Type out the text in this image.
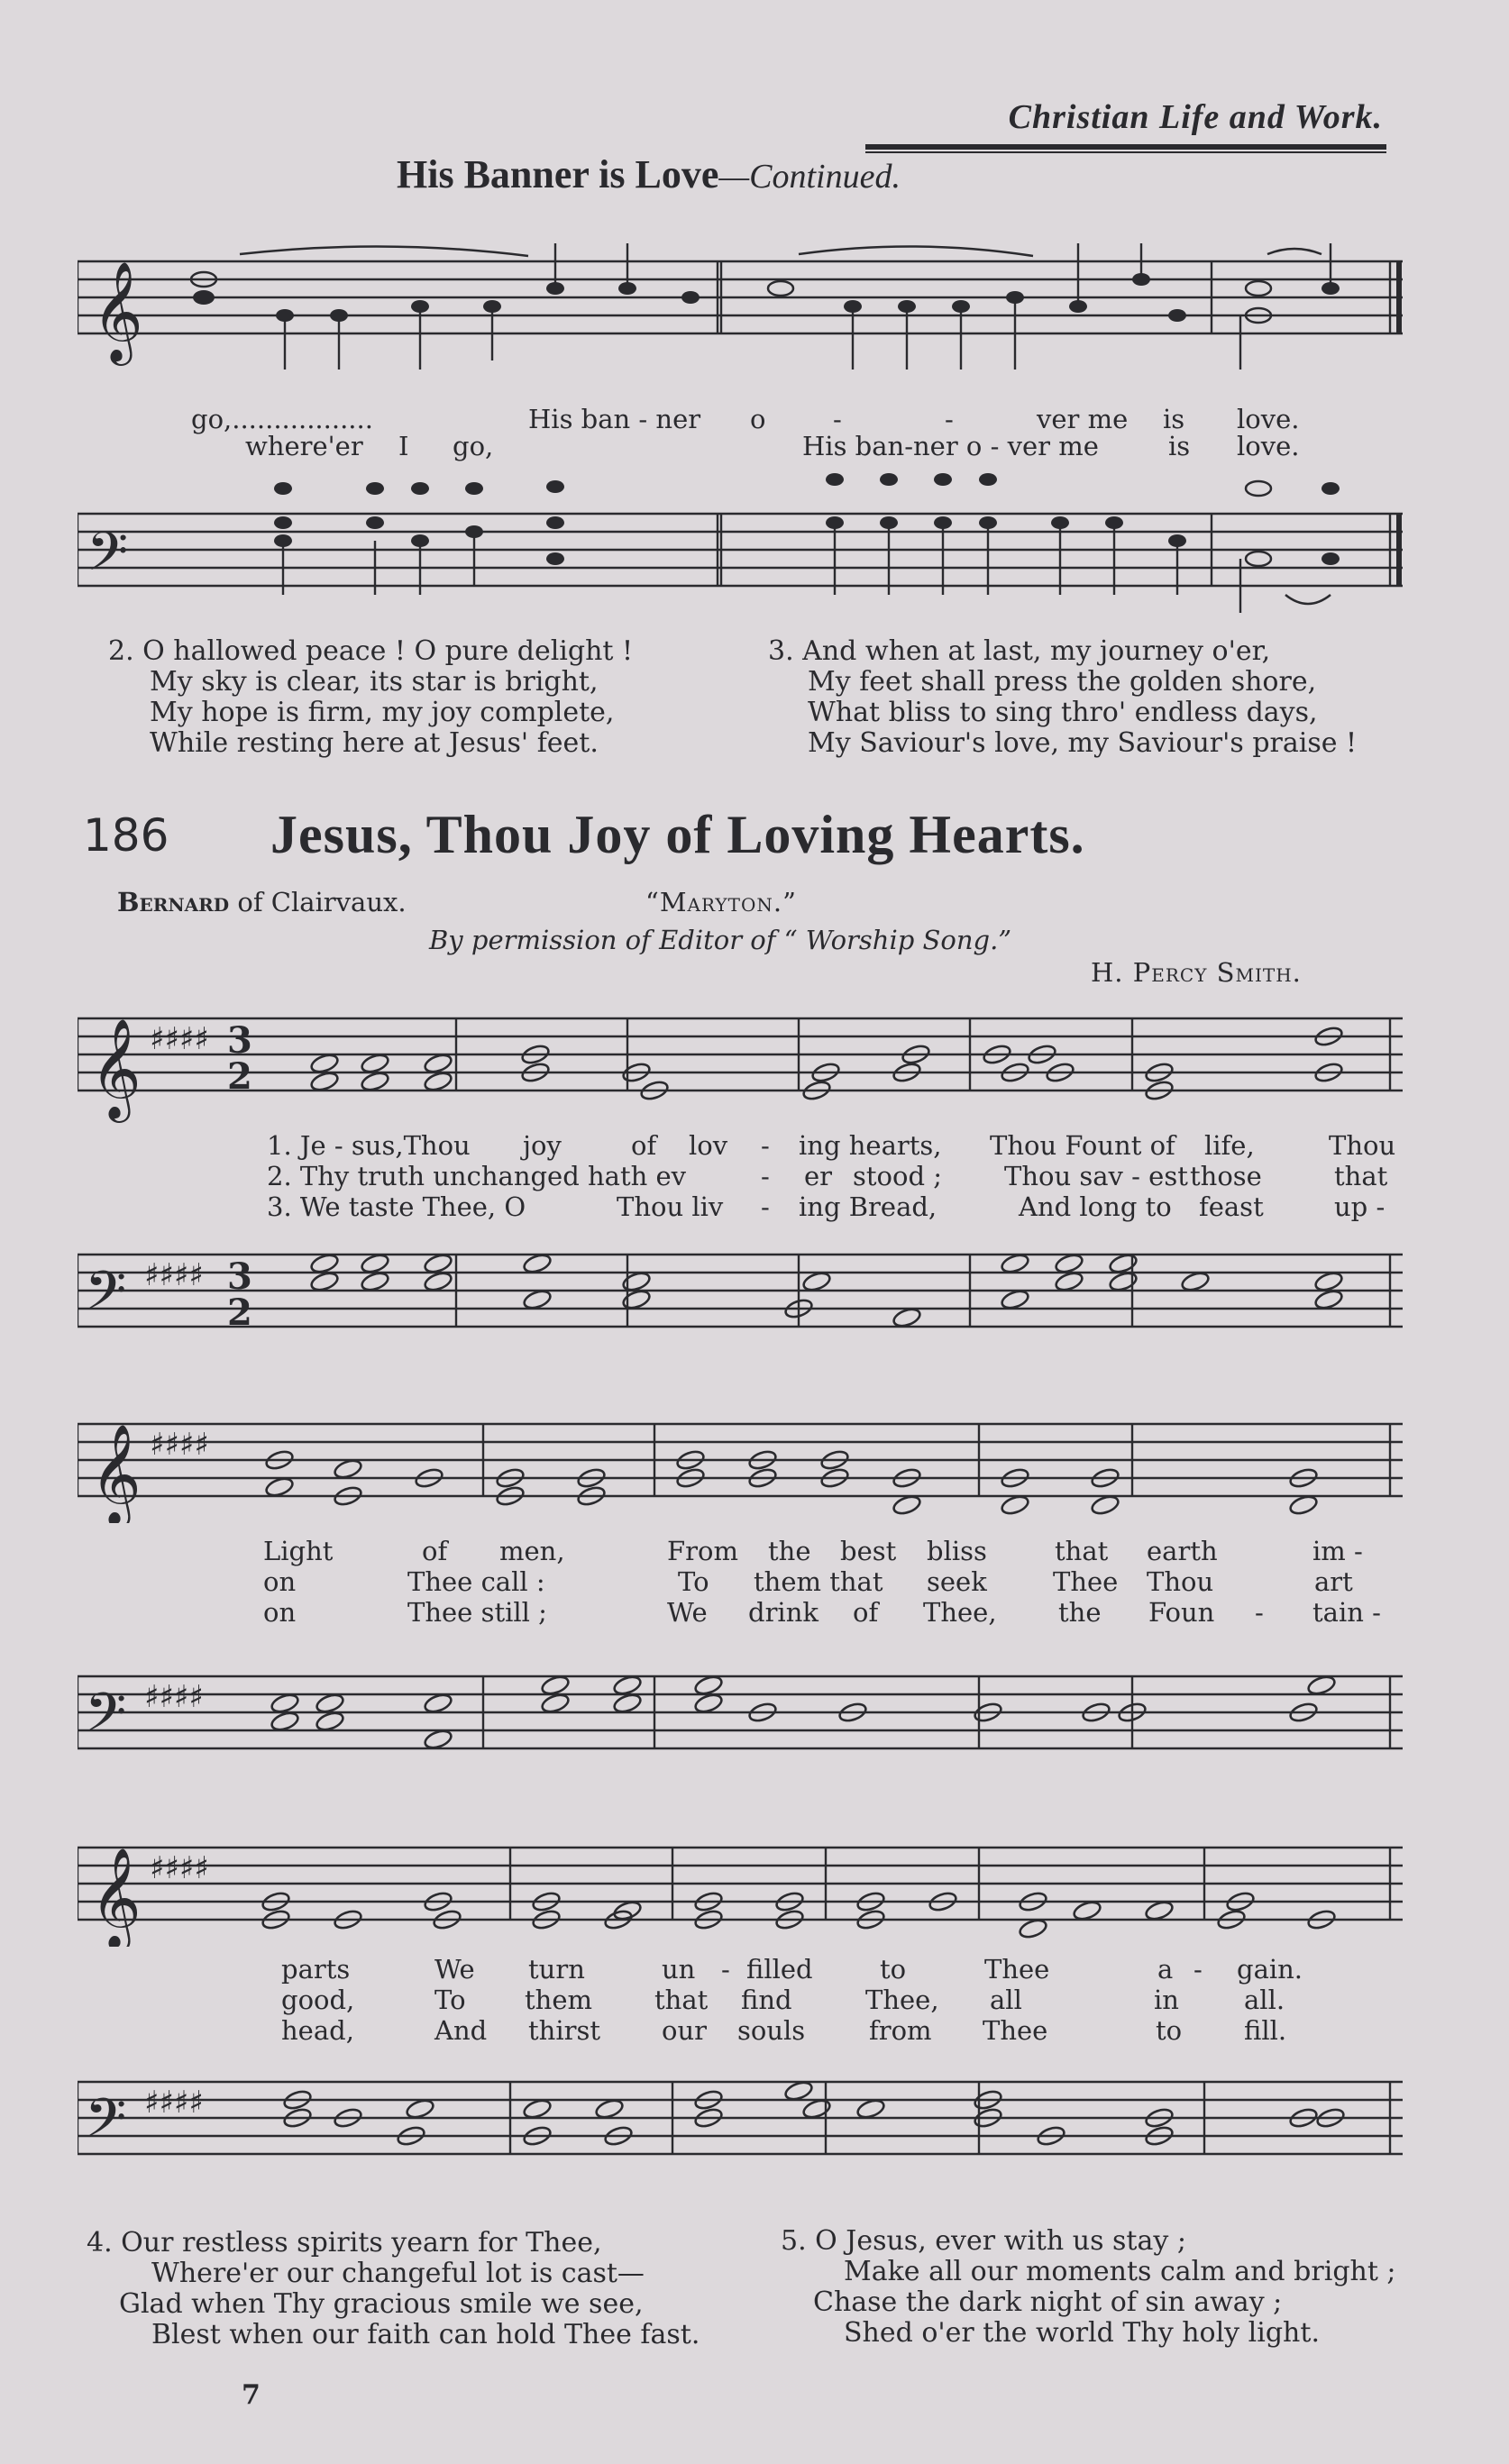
Christian Life and Work.
His Banner is Love—Continued.
𝄞
go,.................	His ban - ner o	-	-	ver me is love.
where'er I go,	His ban-ner o - ver me	is love.
𝄢
2. O hallowed peace ! O pure delight !
My sky is clear, its star is bright,
My hope is firm, my joy complete,
While resting here at Jesus' feet.
3. And when at last, my journey o'er,
My feet shall press the golden shore,
What bliss to sing thro' endless days,
My Saviour's love, my Saviour's praise !
186 Jesus, Thou Joy of Loving Hearts.
Bernard of Clairvaux.	“Maryton.”
By permission of Editor of “ Worship Song.”
H. Percy Smith.
𝄞 ♯♯♯♯ 3
2
𝄢 ♯♯♯♯ 3
2
𝄞 ♯♯♯♯
𝄢 ♯♯♯♯
𝄞 ♯♯♯♯
𝄢 ♯♯♯♯
1. Je - sus,Thou joy	of lov - ing hearts, Thou Fount of life,	Thou
2. Thy truth unchanged hath ev	- er stood ; Thou sav - est those	that
3. We taste Thee, O	Thou liv - ing Bread,	And long to feast	up -
Light	of men,	From the best bliss	that earth	im -
on	Thee call :	To them that seek	Thee Thou	art
on	Thee still ;	We drink of Thee, the Foun - tain -
parts	We turn	un - filled	to	Thee	a - gain.
good,	To them that find	Thee, all	in all.
head,	And thirst our souls from Thee	to fill.
4. Our restless spirits yearn for Thee,
Where'er our changeful lot is cast—
Glad when Thy gracious smile we see,
Blest when our faith can hold Thee fast.
5. O Jesus, ever with us stay ;
Make all our moments calm and bright ;
Chase the dark night of sin away ;
Shed o'er the world Thy holy light.
7
